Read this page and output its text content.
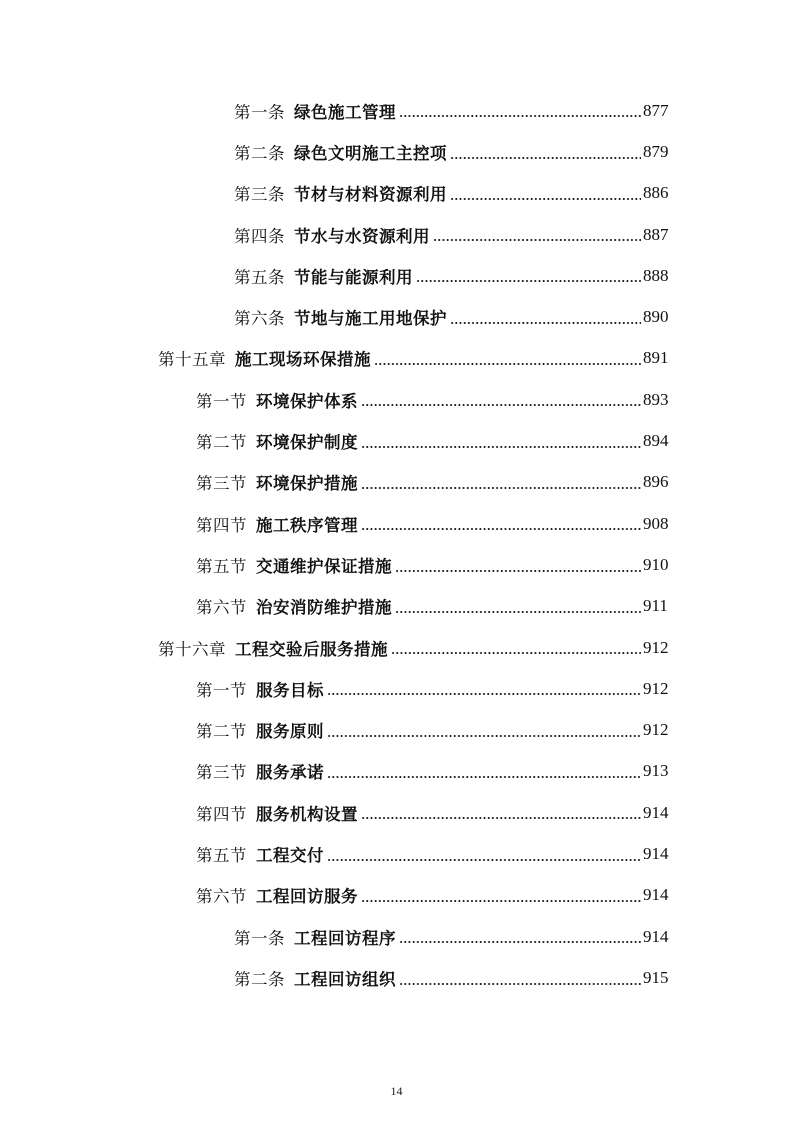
第一条 绿色施工管理	877
第二条 绿色文明施工主控项	879
第三条 节材与材料资源利用	886
第四条 节水与水资源利用	887
第五条 节能与能源利用	888
第六条 节地与施工用地保护	890
第十五章 施工现场环保措施	891
第一节 环境保护体系	893
第二节 环境保护制度	894
第三节 环境保护措施	896
第四节 施工秩序管理	908
第五节 交通维护保证措施	910
第六节 治安消防维护措施	911
第十六章 工程交验后服务措施	912
第一节 服务目标	912
第二节 服务原则	912
第三节 服务承诺	913
第四节 服务机构设置	914
第五节 工程交付	914
第六节 工程回访服务	914
第一条 工程回访程序	914
第二条 工程回访组织	915
14
